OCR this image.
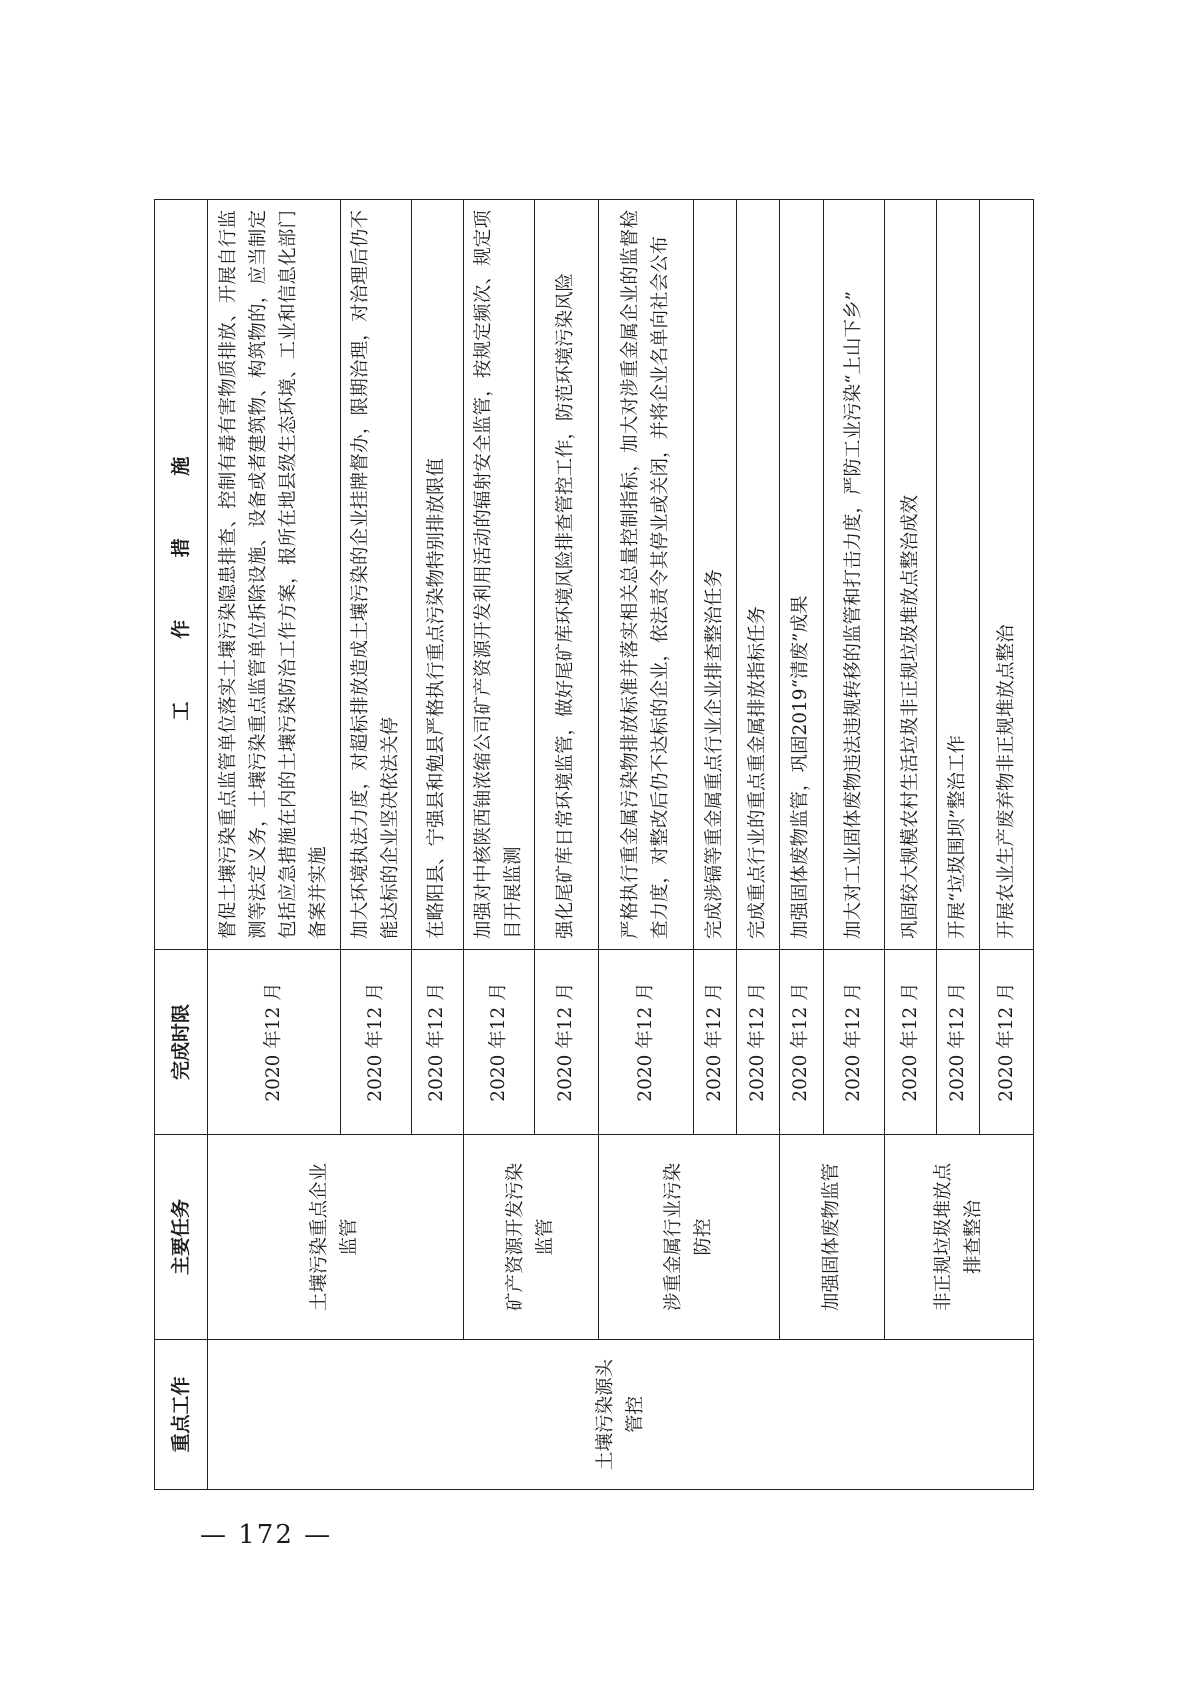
重点工作	主要任务	完成时限	工 作 措 施
土壤污染源头管控	土壤污染重点企业监管	2020 年12 月	督促土壤污染重点监管单位落实土壤污染隐患排查、控制有毒有害物质排放、开展自行监测等法定义务，土壤污染重点监管单位拆除设施、设备或者建筑物、构筑物的，应当制定包括应急措施在内的土壤污染防治工作方案，报所在地县级生态环境、工业和信息化部门备案并实施
		2020 年12 月	加大环境执法力度，对超标排放造成土壤污染的企业挂牌督办，限期治理，对治理后仍不能达标的企业坚决依法关停
		2020 年12 月	在略阳县、宁强县和勉县严格执行重点污染物特别排放限值
	矿产资源开发污染监管	2020 年12 月	加强对中核陕西铀浓缩公司矿产资源开发利用活动的辐射安全监管，按规定频次、规定项目开展监测
		2020 年12 月	强化尾矿库日常环境监管，做好尾矿库环境风险排查管控工作，防范环境污染风险
	涉重金属行业污染防控	2020 年12 月	严格执行重金属污染物排放标准并落实相关总量控制指标，加大对涉重金属企业的监督检查力度，对整改后仍不达标的企业，依法责令其停业或关闭，并将企业名单向社会公布
		2020 年12 月	完成涉镉等重金属重点行业企业排查整治任务
		2020 年12 月	完成重点行业的重点重金属排放指标任务
	加强固体废物监管	2020 年12 月	加强固体废物监管，巩固2019“清废”成果
		2020 年12 月	加大对工业固体废物违法违规转移的监管和打击力度，严防工业污染“上山下乡”
	非正规垃圾堆放点排查整治	2020 年12 月	巩固较大规模农村生活垃圾非正规垃圾堆放点整治成效
		2020 年12 月	开展“垃圾围坝”整治工作
		2020 年12 月	开展农业生产废弃物非正规堆放点整治
— 172 —
